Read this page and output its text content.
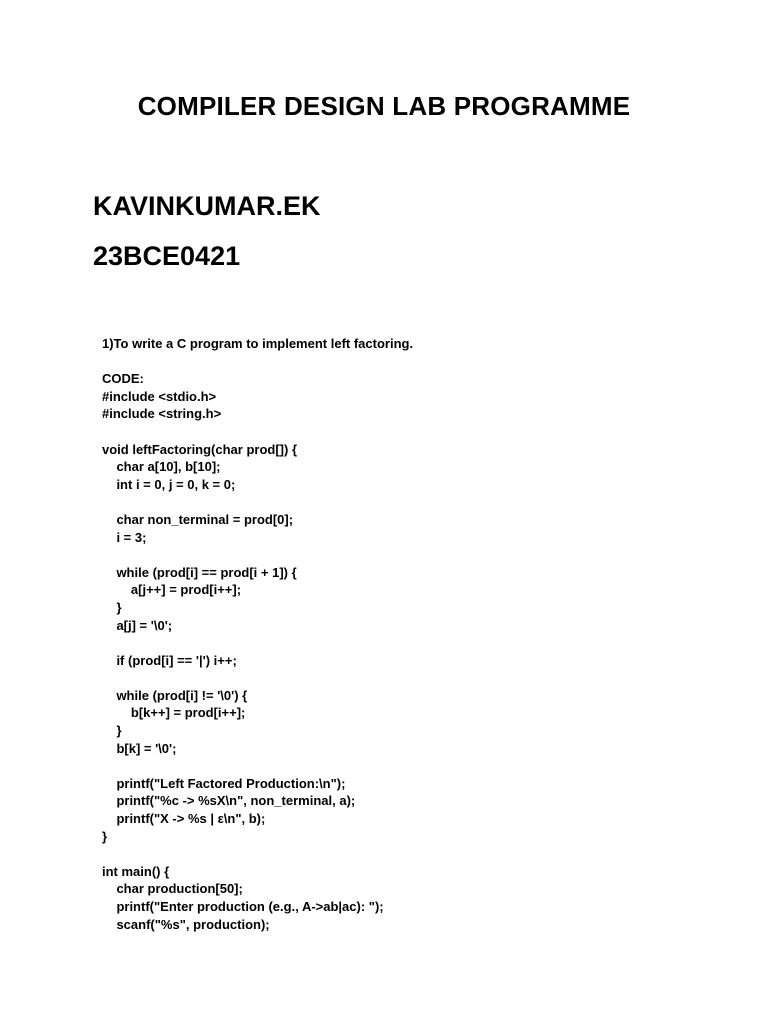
COMPILER DESIGN LAB PROGRAMME
KAVINKUMAR.EK
23BCE0421
1)To write a C program to implement left factoring.
CODE:
#include <stdio.h>
#include <string.h>
void leftFactoring(char prod[]) {
char a[10], b[10];
int i = 0, j = 0, k = 0;
char non_terminal = prod[0];
i = 3;
while (prod[i] == prod[i + 1]) {
a[j++] = prod[i++];
}
a[j] = '\0';
if (prod[i] == '|') i++;
while (prod[i] != '\0') {
b[k++] = prod[i++];
}
b[k] = '\0';
printf("Left Factored Production:\n");
printf("%c -> %sX\n", non_terminal, a);
printf("X -> %s | ε\n", b);
}
int main() {
char production[50];
printf("Enter production (e.g., A->ab|ac): ");
scanf("%s", production);
